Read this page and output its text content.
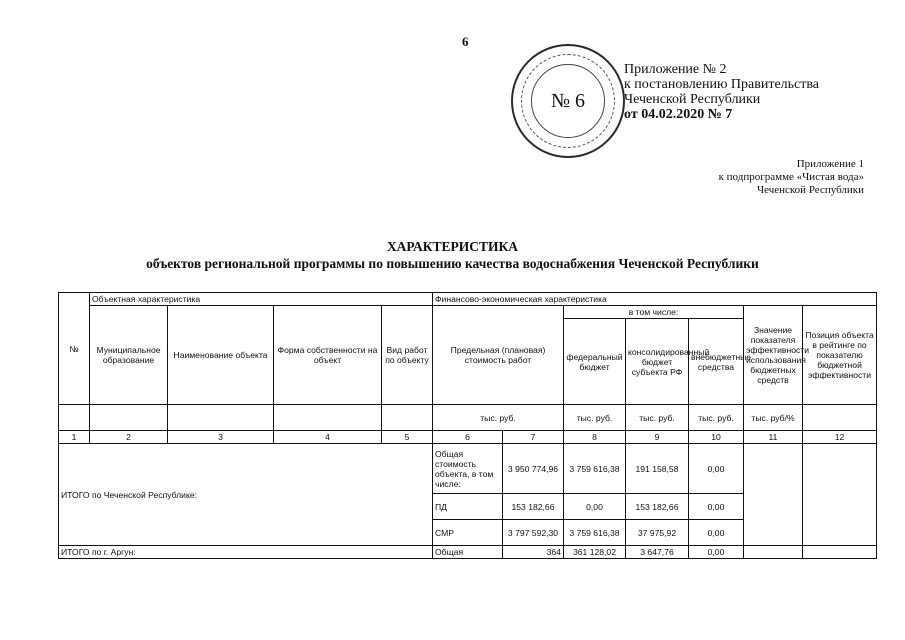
6
№ 6
Приложение № 2
к постановлению Правительства
Чеченской Республики
от 04.02.2020 № 7
Приложение 1
к подпрограмме «Чистая вода»
Чеченской Республики
ХАРАКТЕРИСТИКА
объектов региональной программы по повышению качества водоснабжения Чеченской Республики
№	Объектная характеристика				Финансово-экономическая характеристика						
	Муниципальное образование	Наименование объекта	Форма собственности на объект	Вид работ по объекту	Предельная (плановая) стоимость работ		в том числе:			Значение показателя эффективности использования бюджетных средств	Позиция объекта в рейтинге по показателю бюджетной эффективности
							федеральный бюджет	консолидированный бюджет субъекта РФ	внебюджетные средства		
					тыс. руб.		тыс. руб.	тыс. руб.	тыс. руб.	тыс. руб/%	
1	2	3	4	5	6	7	8	9	10	11	12
ИТОГО по Чеченской Республике:					Общая стоимость объекта, в том числе:	3 950 774,96	3 759 616,38	191 158,58	0,00		
					ПД	153 182,66	0,00	153 182,66	0,00		
					СМР	3 797 592,30	3 759 616,38	37 975,92	0,00		
ИТОГО по г. Аргун:					Общая	364	361 128,02	3 647,76	0,00		
